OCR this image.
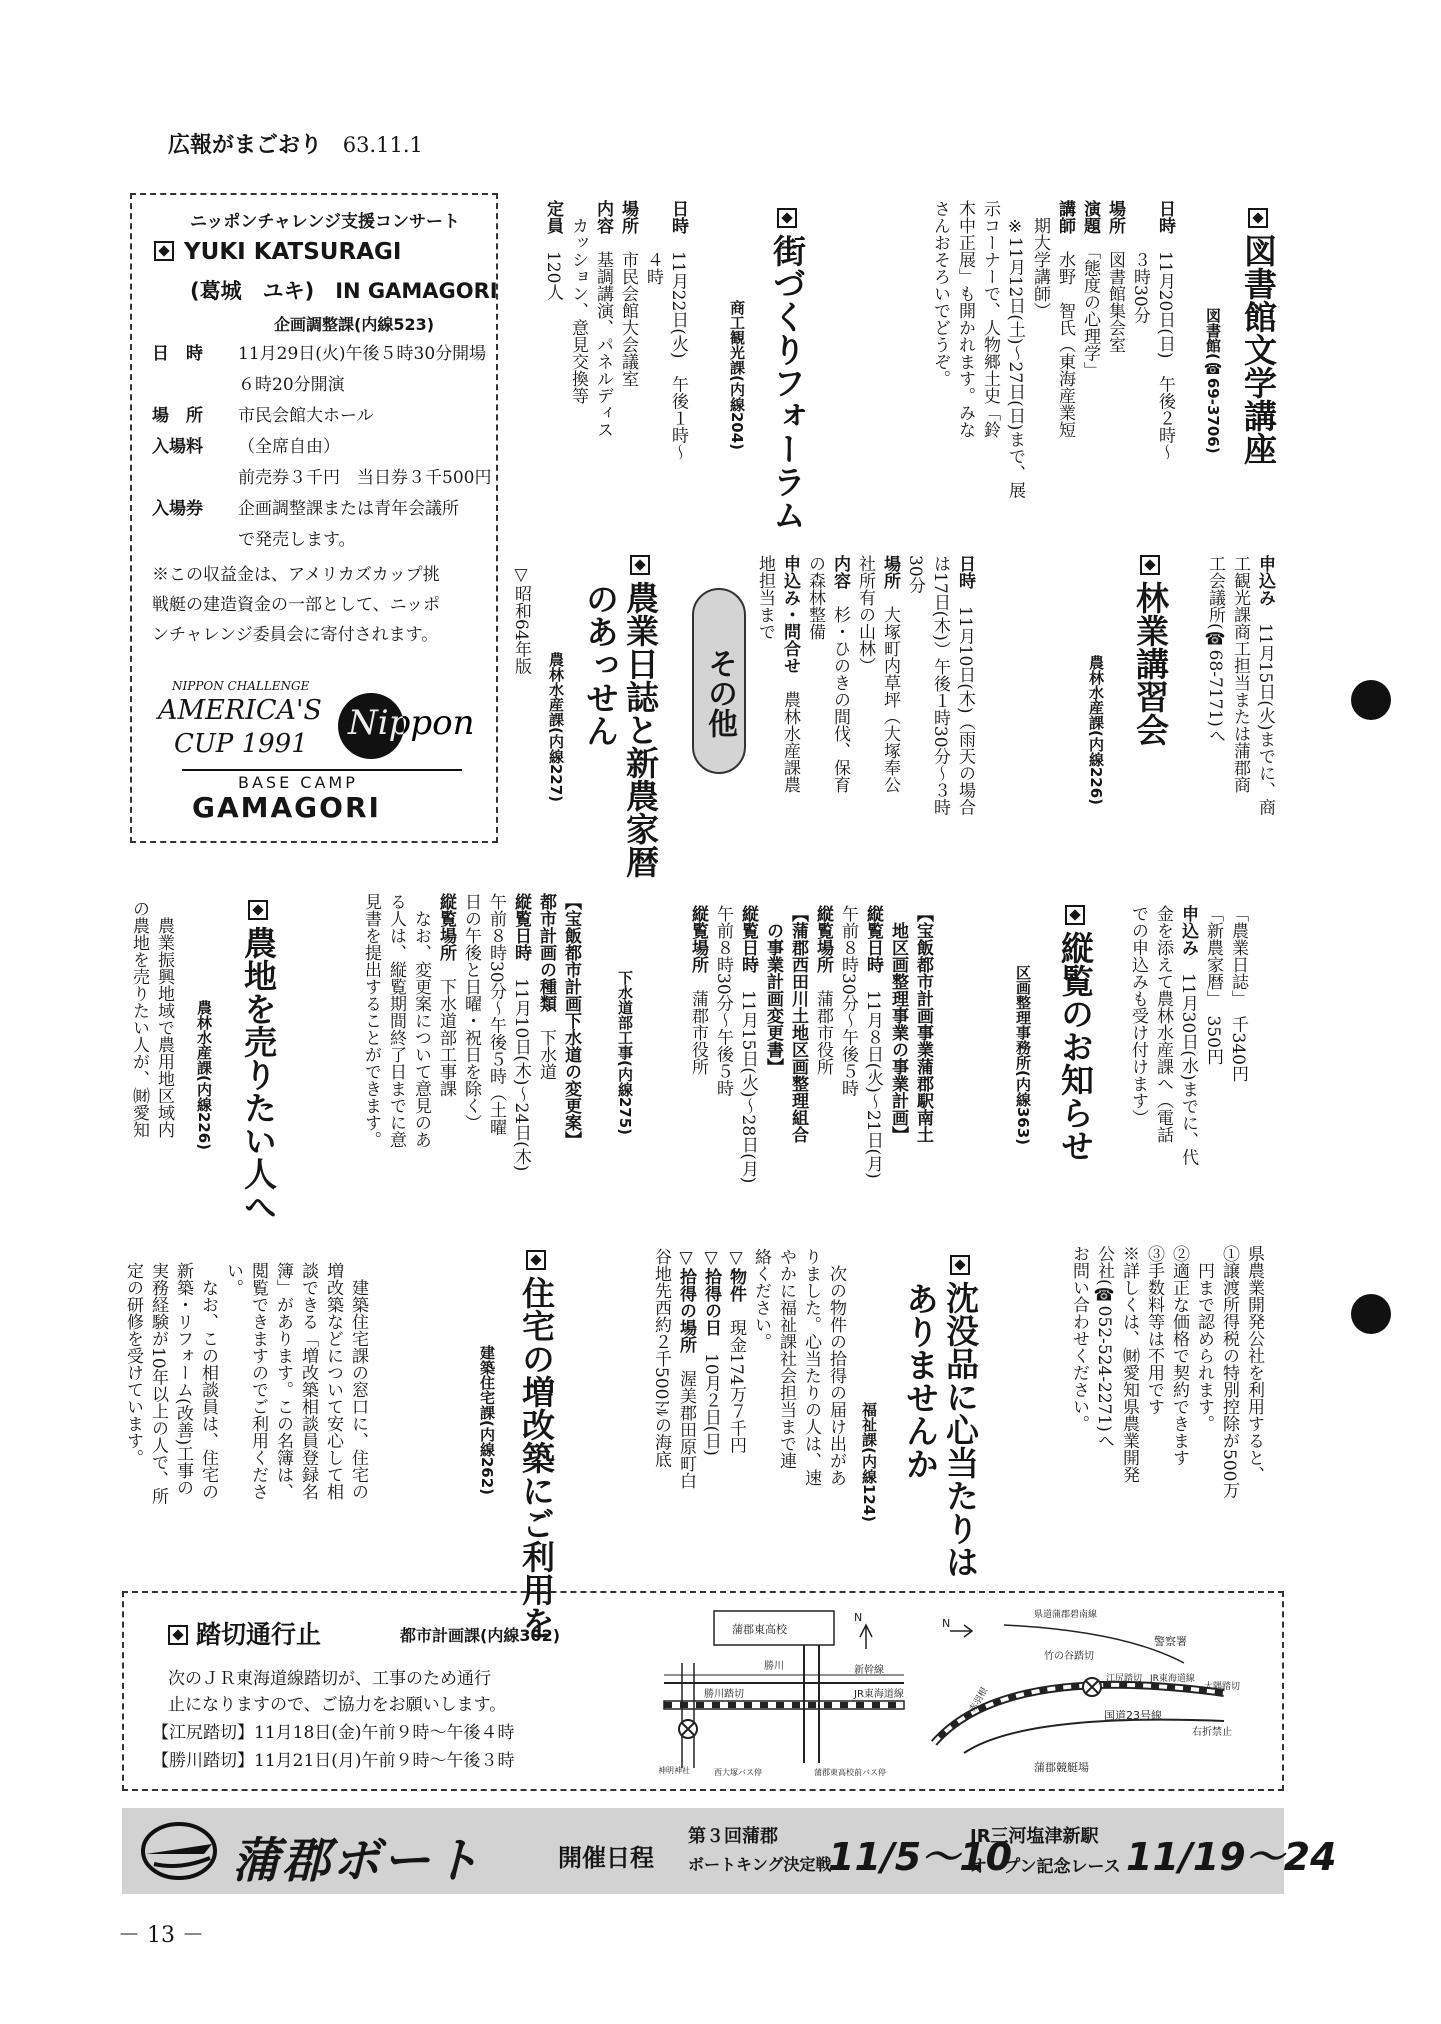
広報がまごおり 63.11.1
ニッポンチャレンジ支援コンサート
YUKI KATSURAGI
(葛城　ユキ)　IN GAMAGORI
企画調整課(内線523)
日　時 11月29日(火)午後５時30分開場
６時20分開演
場　所 市民会館大ホール
入場料 （全席自由）
前売券３千円　当日券３千500円
入場券 企画調整課または青年会議所
で発売します。
※この収益金は、アメリカズカップ挑
戦艇の建造資金の一部として、ニッポ
ンチャレンジ委員会に寄付されます。
NIPPON CHALLENGE
AMERICA'S
CUP 1991
Nippon
BASE CAMP
GAMAGORI
図書館文学講座
図書館(☎69-3706)
日時　11月20日(日)　午後２時〜
　　　３時30分
場所　図書館集会室
演題　「態度の心理学」
講師　水野　智氏（東海産業短
　期大学講師）
　※11月12日(土)〜27日(日)まで、展
示コーナーで、人物郷土史「鈴
木中正展」も開かれます。みな
さんおそろいでどうぞ。
街づくりフォーラム
商工観光課(内線204)
日時　11月22日(火)　午後１時〜
　　　４時
場所　市民会館大会議室
内容　基調講演、パネルディス
　カッション、意見交換等
定員　120人
申込み　11月15日(火)までに、商
工観光課商工担当または蒲郡商
工会議所(☎68-7171)へ
林業講習会
農林水産課(内線226)
日時　11月10日(木)（雨天の場合
は17日(木)）午後１時30分〜３時
30分
場所　大塚町内草坪（大塚奉公
社所有の山林）
内容　杉・ひのきの間伐、保育
の森林整備
申込み・問合せ　農林水産課農
地担当まで
その他
農業日誌と新農家暦
のあっせん
農林水産課(内線227)
▽昭和64年版
「農業日誌」　千340円
「新農家暦」　350円
申込み　11月30日(水)までに、代
金を添えて農林水産課へ（電話
での申込みも受け付けます）
縦覧のお知らせ
区画整理事務所(内線363)
【宝飯都市計画事業蒲郡駅南土
　地区画整理事業の事業計画】
縦覧日時　11月８日(火)〜21日(月)
午前８時30分〜午後５時
縦覧場所　蒲郡市役所
【蒲郡西田川土地区画整理組合
　の事業計画変更書】
縦覧日時　11月15日(火)〜28日(月)
午前８時30分〜午後５時
縦覧場所　蒲郡市役所
下水道部工事(内線275)
【宝飯都市計画下水道の変更案】
都市計画の種類　下水道
縦覧日時　11月10日(木)〜24日(木)
午前８時30分〜午後５時（土曜
日の午後と日曜・祝日を除く）
縦覧場所　下水道部工事課
　なお、変更案について意見のあ
る人は、縦覧期間終了日までに意
見書を提出することができます。
農地を売りたい人へ
農林水産課(内線226)
　農業振興地域で農用地区域内
の農地を売りたい人が、㈶愛知
県農業開発公社を利用すると、
①譲渡所得税の特別控除が500万
　円まで認められます。
②適正な価格で契約できます
③手数料等は不用です
※詳しくは、㈶愛知県農業開発
公社(☎052-524-2271)へ
お問い合わせください。
沈没品に心当たりは
ありませんか
福祉課(内線124)
　次の物件の拾得の届け出があ
りました。心当たりの人は、速
やかに福祉課社会担当まで連
絡ください。
▽物件　現金174万７千円
▽拾得の日　10月２日(日)
▽拾得の場所　渥美郡田原町白
谷地先西約２千500ﾄﾙの海底
住宅の増改築にご利用を
建築住宅課(内線262)
　建築住宅課の窓口に、住宅の
増改築などについて安心して相
談できる「増改築相談員登録名
簿」があります。この名簿は、
閲覧できますのでご利用くださ
い。
　なお、この相談員は、住宅の
新築・リフォーム(改善)工事の
実務経験が10年以上の人で、所
定の研修を受けています。
踏切通行止	都市計画課(内線302)
次のＪＲ東海道線踏切が、工事のため通行
止になりますので、ご協力をお願いします。
【江尻踏切】11月18日(金)午前９時〜午後４時
【勝川踏切】11月21日(月)午前９時〜午後３時
蒲郡東高校
N
勝川	新幹線
勝川踏切	JR東海道線
神明神社	西大塚バス停	蒲郡東高校前バス停
N
県道蒲郡碧南線
警察署
竹の谷踏切
江尻踏切 JR東海道線
大隅踏切
国道23号線
右折禁止
蒲郡競艇場
赤羽根
蒲郡ボート	開催日程
第３回蒲郡
ボートキング決定戦
11/5〜10
JR三河塩津新駅
オープン記念レース 11/19〜24
－ 13 －
